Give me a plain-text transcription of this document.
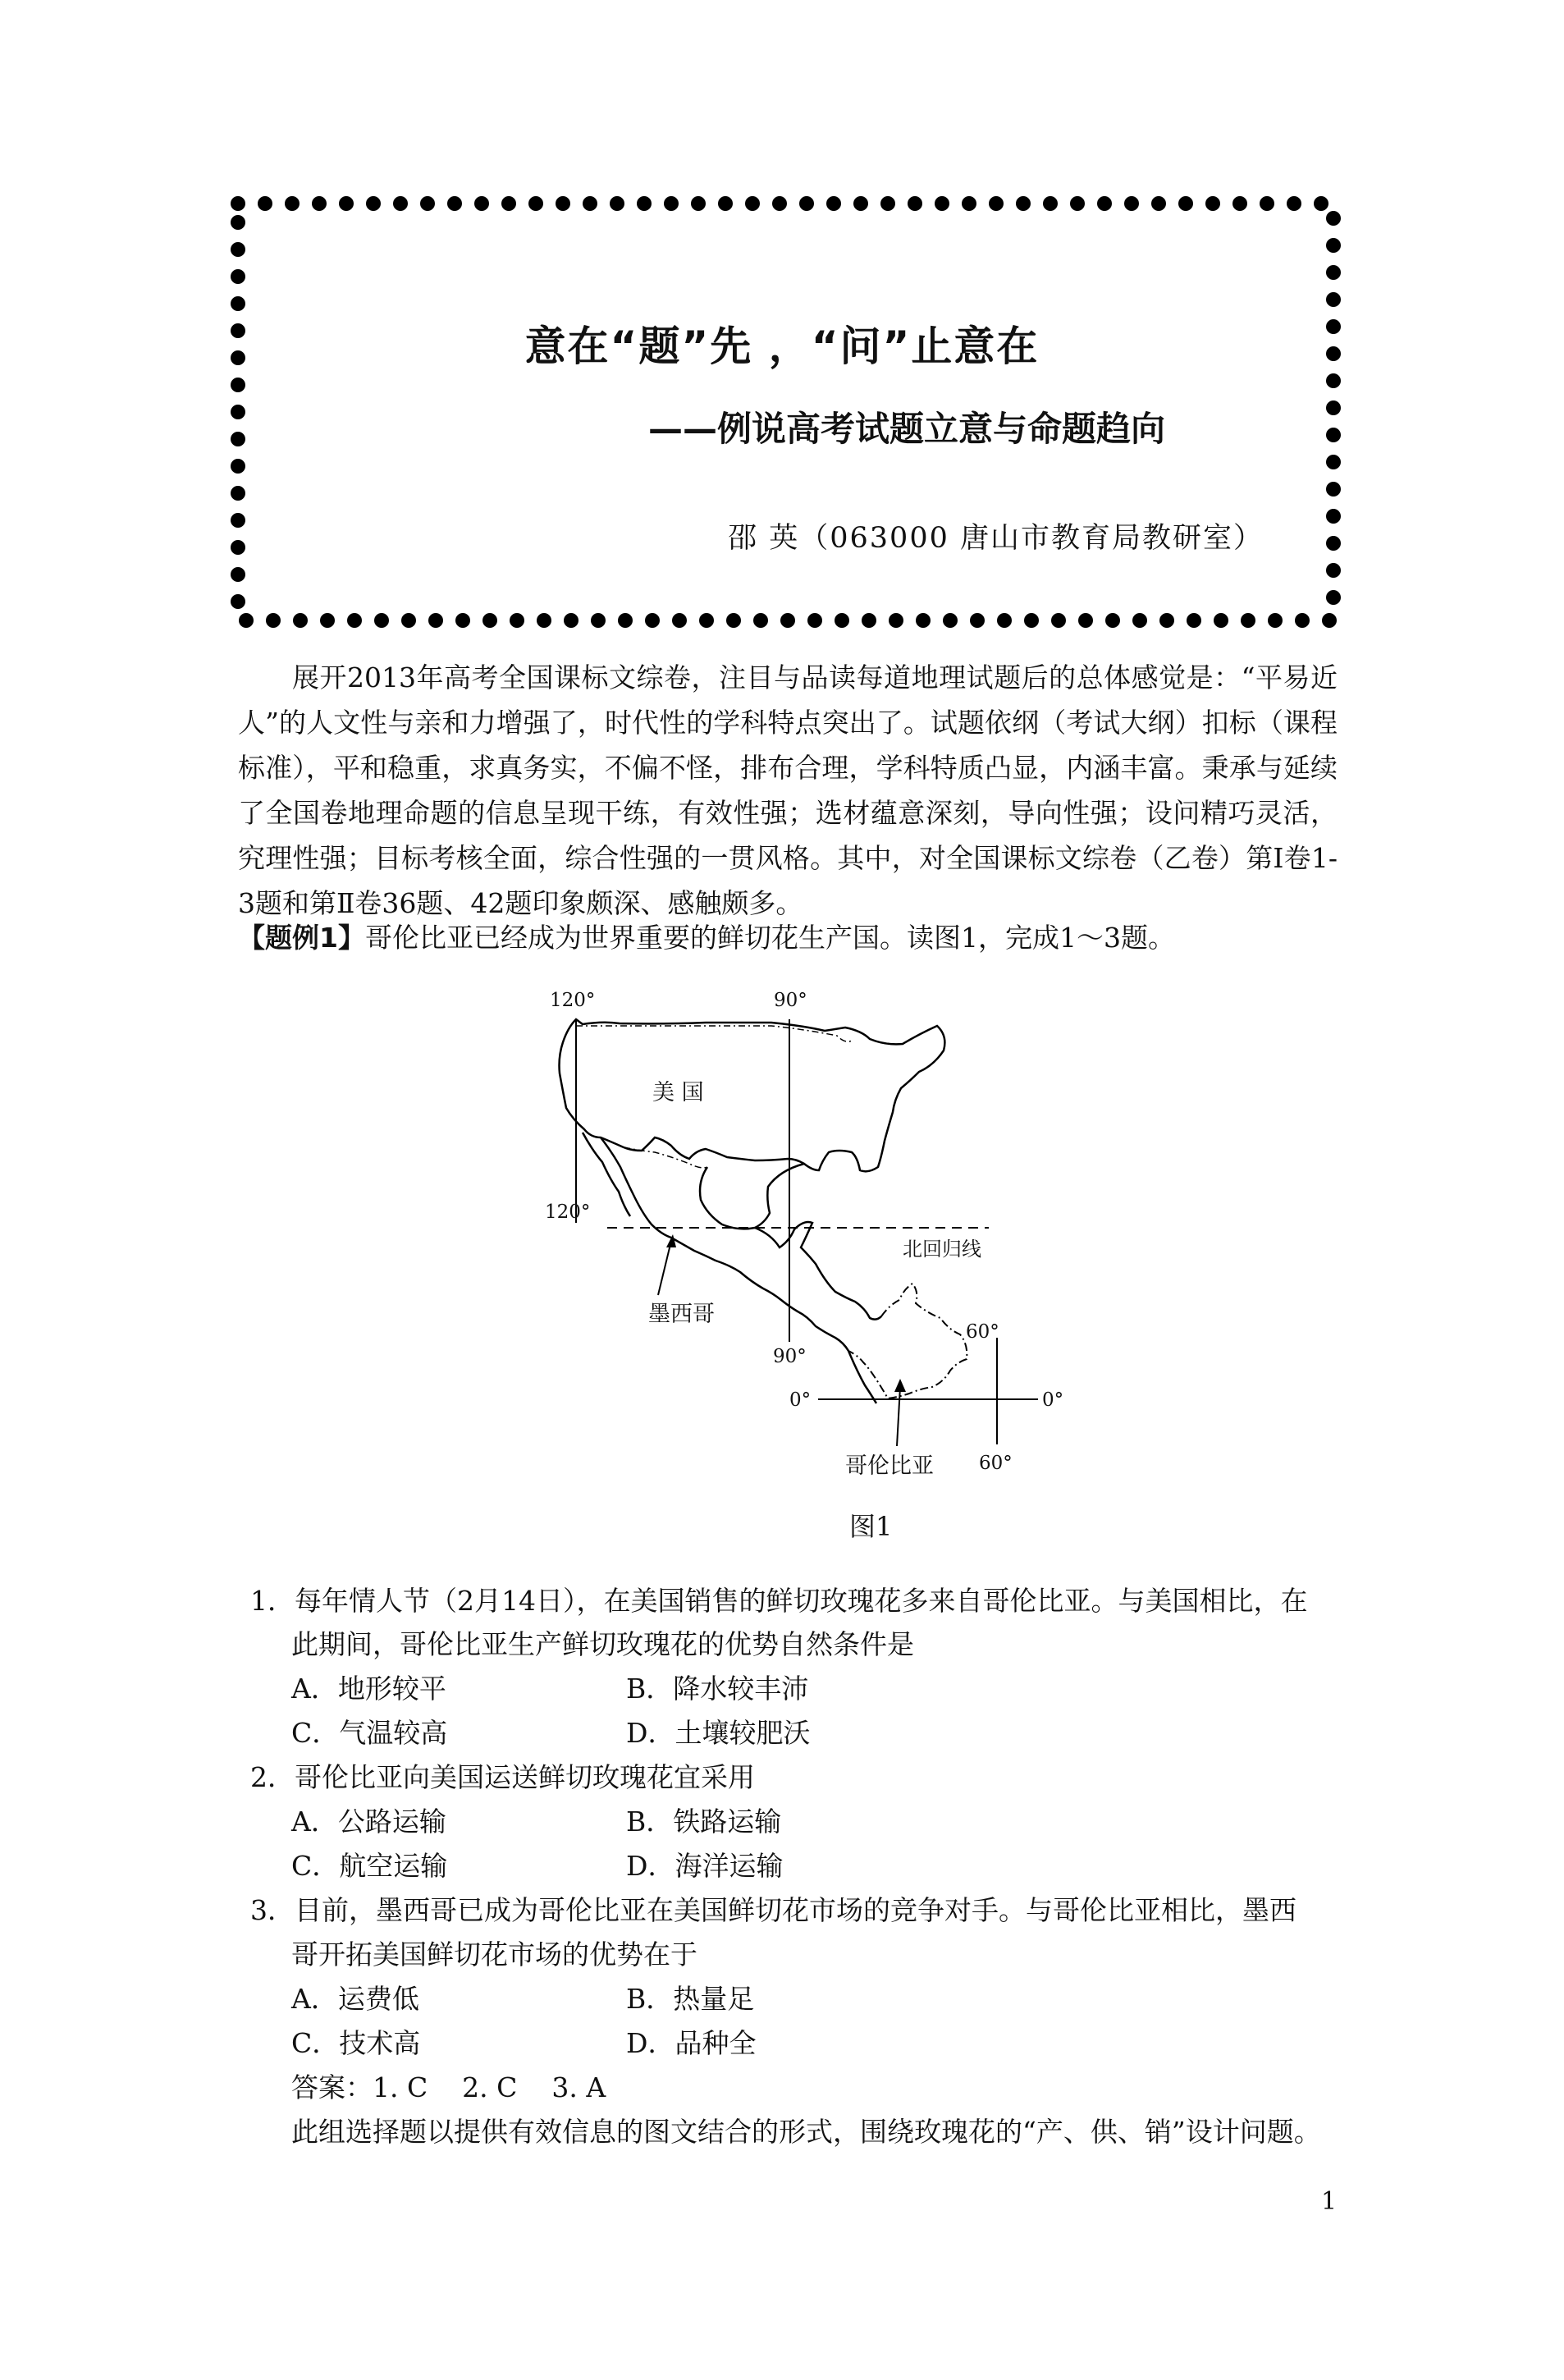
意在“题”先 ，“问”止意在
——例说高考试题立意与命题趋向
邵 英（063000 唐山市教育局教研室）
展开2013年高考全国课标文综卷，注目与品读每道地理试题后的总体感觉是：“平易近人”的人文性与亲和力增强了，时代性的学科特点突出了。试题依纲（考试大纲）扣标（课程标准），平和稳重，求真务实，不偏不怪，排布合理，学科特质凸显，内涵丰富。秉承与延续了全国卷地理命题的信息呈现干练，有效性强；选材蕴意深刻，导向性强；设问精巧灵活，究理性强；目标考核全面，综合性强的一贯风格。其中，对全国课标文综卷（乙卷）第Ⅰ卷1-3题和第Ⅱ卷36题、42题印象颇深、感触颇多。
【题例1】哥伦比亚已经成为世界重要的鲜切花生产国。读图1，完成1～3题。
120°	90°
120°
美 国
北回归线
墨西哥
90°
60°
0°	0°
哥伦比亚 60°
图1
1．每年情人节（2月14日），在美国销售的鲜切玫瑰花多来自哥伦比亚。与美国相比，在
此期间，哥伦比亚生产鲜切玫瑰花的优势自然条件是
A．地形较平	B．降水较丰沛
C．气温较高	D．土壤较肥沃
2．哥伦比亚向美国运送鲜切玫瑰花宜采用
A．公路运输	B．铁路运输
C．航空运输	D．海洋运输
3．目前，墨西哥已成为哥伦比亚在美国鲜切花市场的竞争对手。与哥伦比亚相比，墨西
哥开拓美国鲜切花市场的优势在于
A．运费低	B．热量足
C．技术高	D．品种全
答案：1. C    2. C    3. A
此组选择题以提供有效信息的图文结合的形式，围绕玫瑰花的“产、供、销”设计问题。
1
